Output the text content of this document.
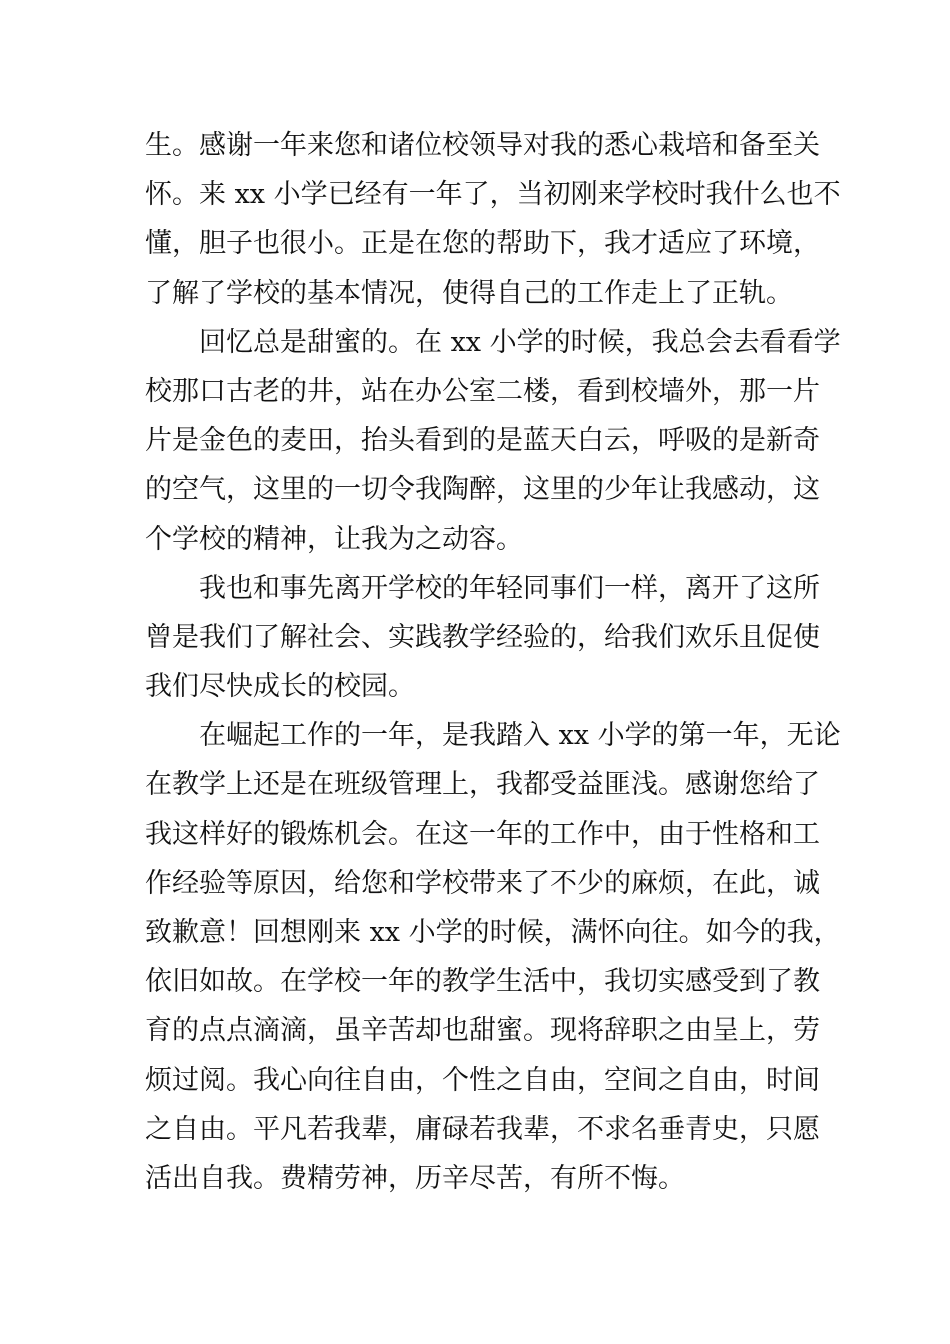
生。感谢一年来您和诸位校领导对我的悉心栽培和备至关
怀。来 xx 小学已经有一年了，当初刚来学校时我什么也不
懂，胆子也很小。正是在您的帮助下，我才适应了环境，
了解了学校的基本情况，使得自己的工作走上了正轨。
回忆总是甜蜜的。在 xx 小学的时候，我总会去看看学
校那口古老的井，站在办公室二楼，看到校墙外，那一片
片是金色的麦田，抬头看到的是蓝天白云，呼吸的是新奇
的空气，这里的一切令我陶醉，这里的少年让我感动，这
个学校的精神，让我为之动容。
我也和事先离开学校的年轻同事们一样，离开了这所
曾是我们了解社会、实践教学经验的，给我们欢乐且促使
我们尽快成长的校园。
在崛起工作的一年，是我踏入 xx 小学的第一年，无论
在教学上还是在班级管理上，我都受益匪浅。感谢您给了
我这样好的锻炼机会。在这一年的工作中，由于性格和工
作经验等原因，给您和学校带来了不少的麻烦，在此，诚
致歉意！回想刚来 xx 小学的时候，满怀向往。如今的我，
依旧如故。在学校一年的教学生活中，我切实感受到了教
育的点点滴滴，虽辛苦却也甜蜜。现将辞职之由呈上，劳
烦过阅。我心向往自由，个性之自由，空间之自由，时间
之自由。平凡若我辈，庸碌若我辈，不求名垂青史，只愿
活出自我。费精劳神，历辛尽苦，有所不悔。
